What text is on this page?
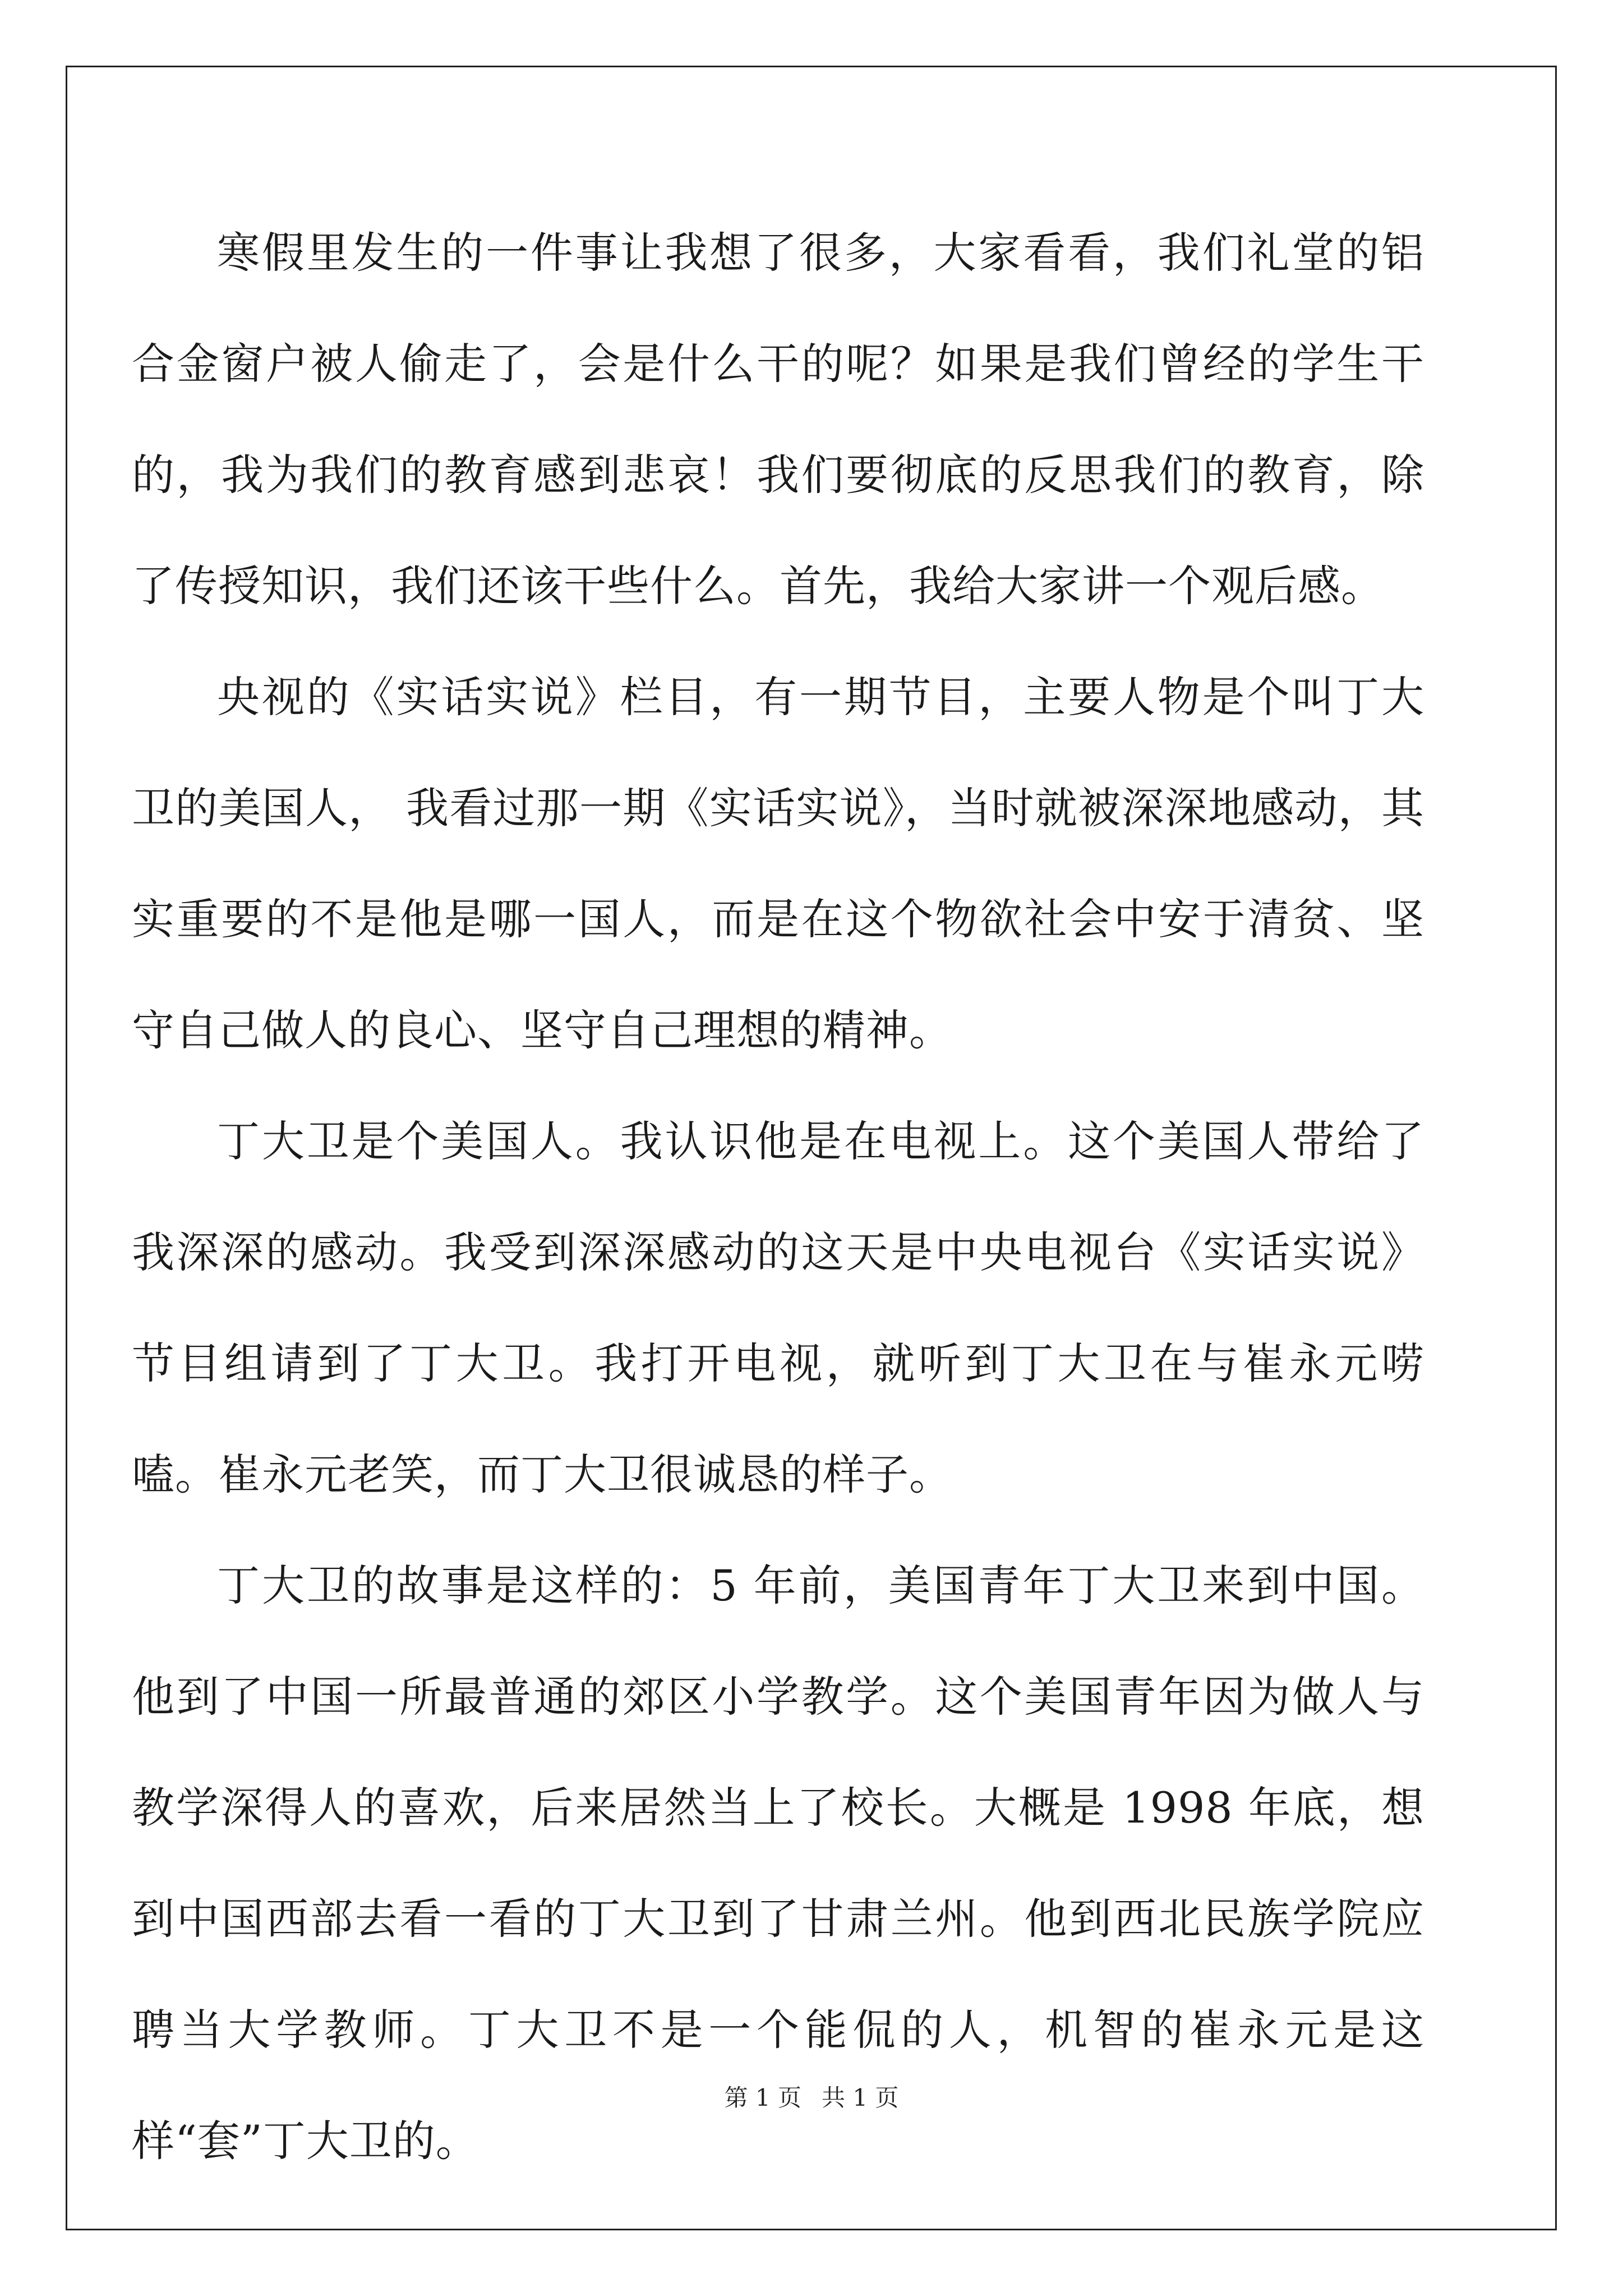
寒假里发生的一件事让我想了很多，大家看看，我们礼堂的铝合金窗户被人偷走了，会是什么干的呢？如果是我们曾经的学生干的，我为我们的教育感到悲哀！我们要彻底的反思我们的教育，除了传授知识，我们还该干些什么。首先，我给大家讲一个观后感。

央视的《实话实说》栏目，有一期节目，主要人物是个叫丁大卫的美国人， 我看过那一期《实话实说》，当时就被深深地感动，其实重要的不是他是哪一国人，而是在这个物欲社会中安于清贫、坚守自己做人的良心、坚守自己理想的精神。

丁大卫是个美国人。我认识他是在电视上。这个美国人带给了我深深的感动。我受到深深感动的这天是中央电视台《实话实说》节目组请到了丁大卫。我打开电视，就听到丁大卫在与崔永元唠嗑。崔永元老笑，而丁大卫很诚恳的样子。

丁大卫的故事是这样的：5 年前，美国青年丁大卫来到中国。他到了中国一所最普通的郊区小学教学。这个美国青年因为做人与教学深得人的喜欢，后来居然当上了校长。大概是 1998 年底，想到中国西部去看一看的丁大卫到了甘肃兰州。他到西北民族学院应聘当大学教师。丁大卫不是一个能侃的人，机智的崔永元是这样“套”丁大卫的。

第 1 页 共 1 页
